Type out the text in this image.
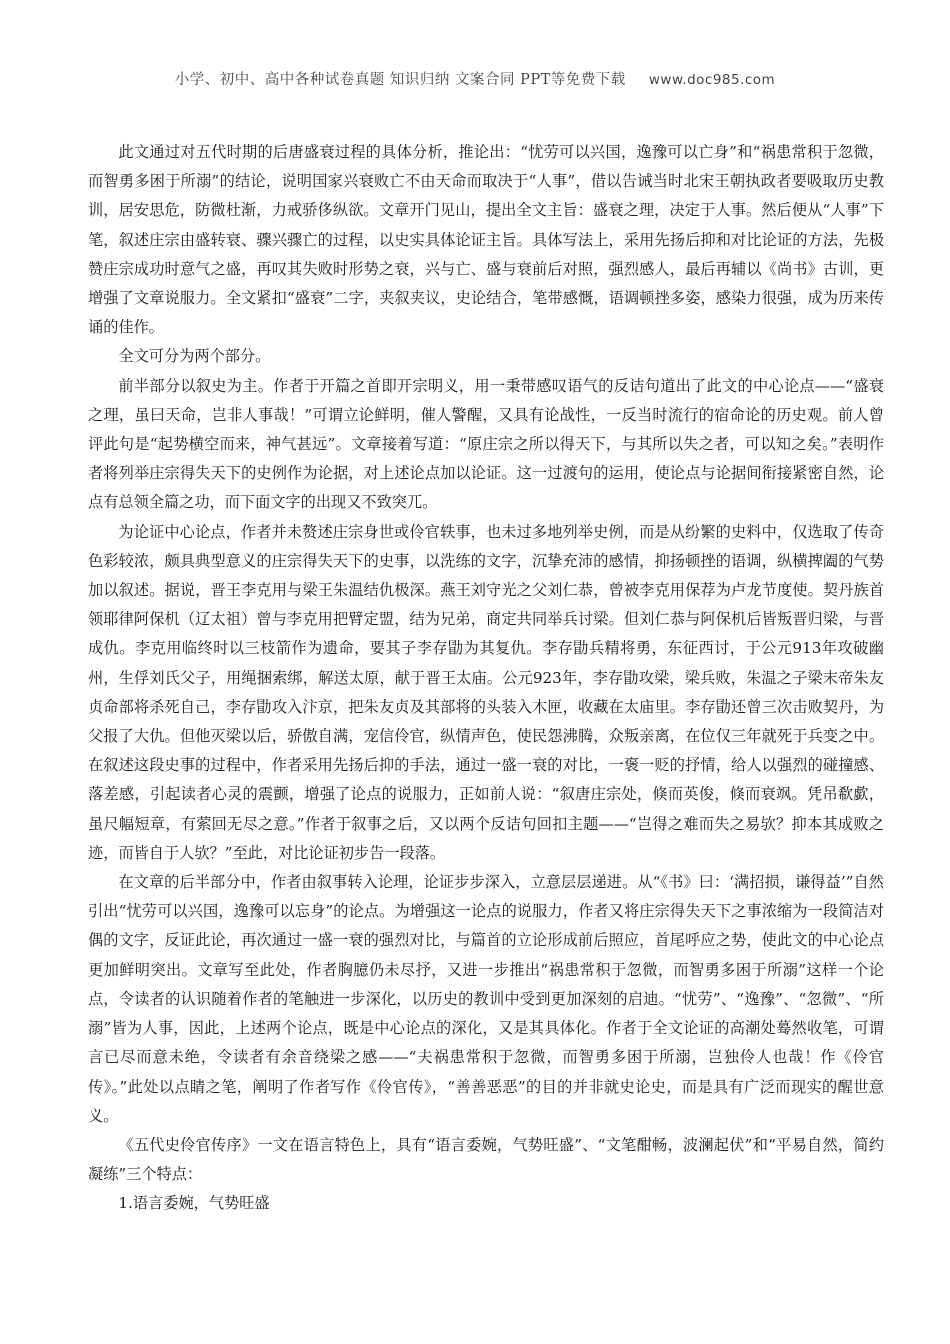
小学、初中、高中各种试卷真题 知识归纳 文案合同 PPT等免费下载 www.doc985.com

此文通过对五代时期的后唐盛衰过程的具体分析，推论出：“忧劳可以兴国，逸豫可以亡身”和“祸患常积于忽微，而智勇多困于所溺”的结论，说明国家兴衰败亡不由天命而取决于“人事”，借以告诫当时北宋王朝执政者要吸取历史教训，居安思危，防微杜渐，力戒骄侈纵欲。文章开门见山，提出全文主旨：盛衰之理，决定于人事。然后便从“人事”下笔，叙述庄宗由盛转衰、骤兴骤亡的过程，以史实具体论证主旨。具体写法上，采用先扬后抑和对比论证的方法，先极赞庄宗成功时意气之盛，再叹其失败时形势之衰，兴与亡、盛与衰前后对照，强烈感人，最后再辅以《尚书》古训，更增强了文章说服力。全文紧扣“盛衰”二字，夹叙夹议，史论结合，笔带感慨，语调顿挫多姿，感染力很强，成为历来传诵的佳作。

全文可分为两个部分。

前半部分以叙史为主。作者于开篇之首即开宗明义，用一秉带感叹语气的反诘句道出了此文的中心论点——“盛衰之理，虽曰天命，岂非人事哉！”可谓立论鲜明，催人警醒，又具有论战性，一反当时流行的宿命论的历史观。前人曾评此句是“起势横空而来，神气甚远”。文章接着写道：“原庄宗之所以得天下，与其所以失之者，可以知之矣。”表明作者将列举庄宗得失天下的史例作为论据，对上述论点加以论证。这一过渡句的运用，使论点与论据间衔接紧密自然，论点有总领全篇之功，而下面文字的出现又不致突兀。

为论证中心论点，作者并未赘述庄宗身世或伶官轶事，也未过多地列举史例，而是从纷繁的史料中，仅选取了传奇色彩较浓，颇具典型意义的庄宗得失天下的史事，以洗练的文字，沉挚充沛的感情，抑扬顿挫的语调，纵横捭阖的气势加以叙述。据说，晋王李克用与梁王朱温结仇极深。燕王刘守光之父刘仁恭，曾被李克用保荐为卢龙节度使。契丹族首领耶律阿保机（辽太祖）曾与李克用把臂定盟，结为兄弟，商定共同举兵讨梁。但刘仁恭与阿保机后皆叛晋归梁，与晋成仇。李克用临终时以三枝箭作为遗命，要其子李存勖为其复仇。李存勖兵精将勇，东征西讨，于公元913年攻破幽州，生俘刘氏父子，用绳捆索绑，解送太原，献于晋王太庙。公元923年，李存勖攻梁，梁兵败，朱温之子梁末帝朱友贞命部将杀死自己，李存勖攻入汴京，把朱友贞及其部将的头装入木匣，收藏在太庙里。李存勖还曾三次击败契丹，为父报了大仇。但他灭梁以后，骄傲自满，宠信伶官，纵情声色，使民怨沸腾，众叛亲离，在位仅三年就死于兵变之中。在叙述这段史事的过程中，作者采用先扬后抑的手法，通过一盛一衰的对比，一褒一贬的抒情，给人以强烈的碰撞感、落差感，引起读者心灵的震颤，增强了论点的说服力，正如前人说：“叙唐庄宗处，倏而英俊，倏而衰飒。凭吊欷歔，虽尺幅短章，有萦回无尽之意。”作者于叙事之后，又以两个反诘句回扣主题——“岂得之难而失之易欤？抑本其成败之迹，而皆自于人欤？”至此，对比论证初步告一段落。

在文章的后半部分中，作者由叙事转入论理，论证步步深入，立意层层递进。从“《书》曰：‘满招损，谦得益’”自然引出“忧劳可以兴国，逸豫可以忘身”的论点。为增强这一论点的说服力，作者又将庄宗得失天下之事浓缩为一段简洁对偶的文字，反证此论，再次通过一盛一衰的强烈对比，与篇首的立论形成前后照应，首尾呼应之势，使此文的中心论点更加鲜明突出。文章写至此处，作者胸臆仍未尽抒，又进一步推出“祸患常积于忽微，而智勇多困于所溺”这样一个论点，令读者的认识随着作者的笔触进一步深化，以历史的教训中受到更加深刻的启迪。“忧劳”、“逸豫”、“忽微”、“所溺”皆为人事，因此，上述两个论点，既是中心论点的深化，又是其具体化。作者于全文论证的高潮处蓦然收笔，可谓言已尽而意未绝，令读者有余音绕梁之感——“夫祸患常积于忽微，而智勇多困于所溺，岂独伶人也哉！作《伶官传》。”此处以点睛之笔，阐明了作者写作《伶官传》，“善善恶恶”的目的并非就史论史，而是具有广泛而现实的醒世意义。

《五代史伶官传序》一文在语言特色上，具有“语言委婉，气势旺盛”、“文笔酣畅，波澜起伏”和“平易自然，简约凝练”三个特点：

1.语言委婉，气势旺盛
